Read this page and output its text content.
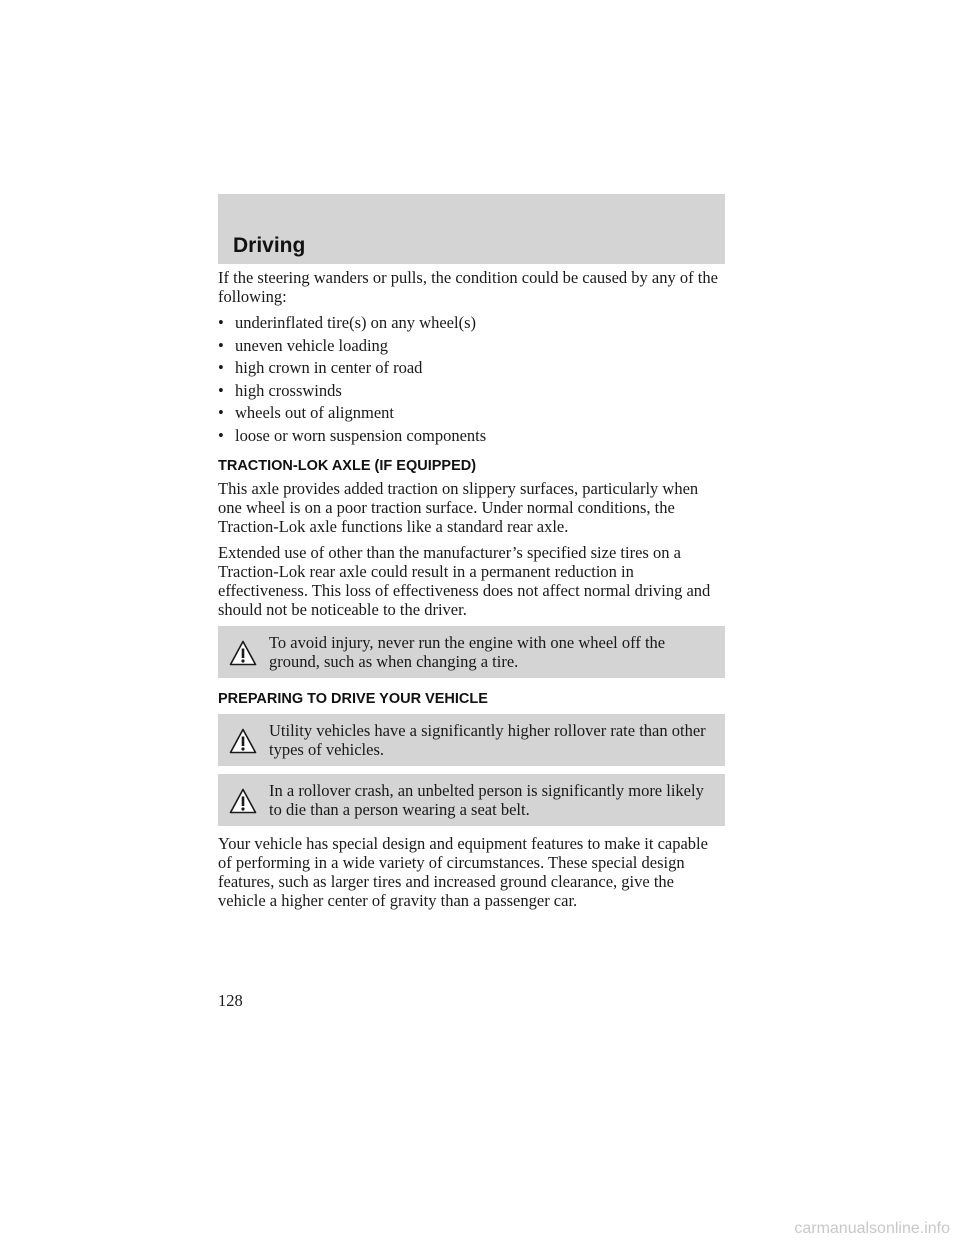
Driving

If the steering wanders or pulls, the condition could be caused by any of the following:

• underinflated tire(s) on any wheel(s)
• uneven vehicle loading
• high crown in center of road
• high crosswinds
• wheels out of alignment
• loose or worn suspension components
TRACTION-LOK AXLE (IF EQUIPPED)

This axle provides added traction on slippery surfaces, particularly when one wheel is on a poor traction surface. Under normal conditions, the Traction-Lok axle functions like a standard rear axle.

Extended use of other than the manufacturer’s specified size tires on a Traction-Lok rear axle could result in a permanent reduction in effectiveness. This loss of effectiveness does not affect normal driving and should not be noticeable to the driver.

To avoid injury, never run the engine with one wheel off the ground, such as when changing a tire.

PREPARING TO DRIVE YOUR VEHICLE

Utility vehicles have a significantly higher rollover rate than other types of vehicles.

In a rollover crash, an unbelted person is significantly more likely to die than a person wearing a seat belt.

Your vehicle has special design and equipment features to make it capable of performing in a wide variety of circumstances. These special design features, such as larger tires and increased ground clearance, give the vehicle a higher center of gravity than a passenger car.

128

carmanualsonline.info
